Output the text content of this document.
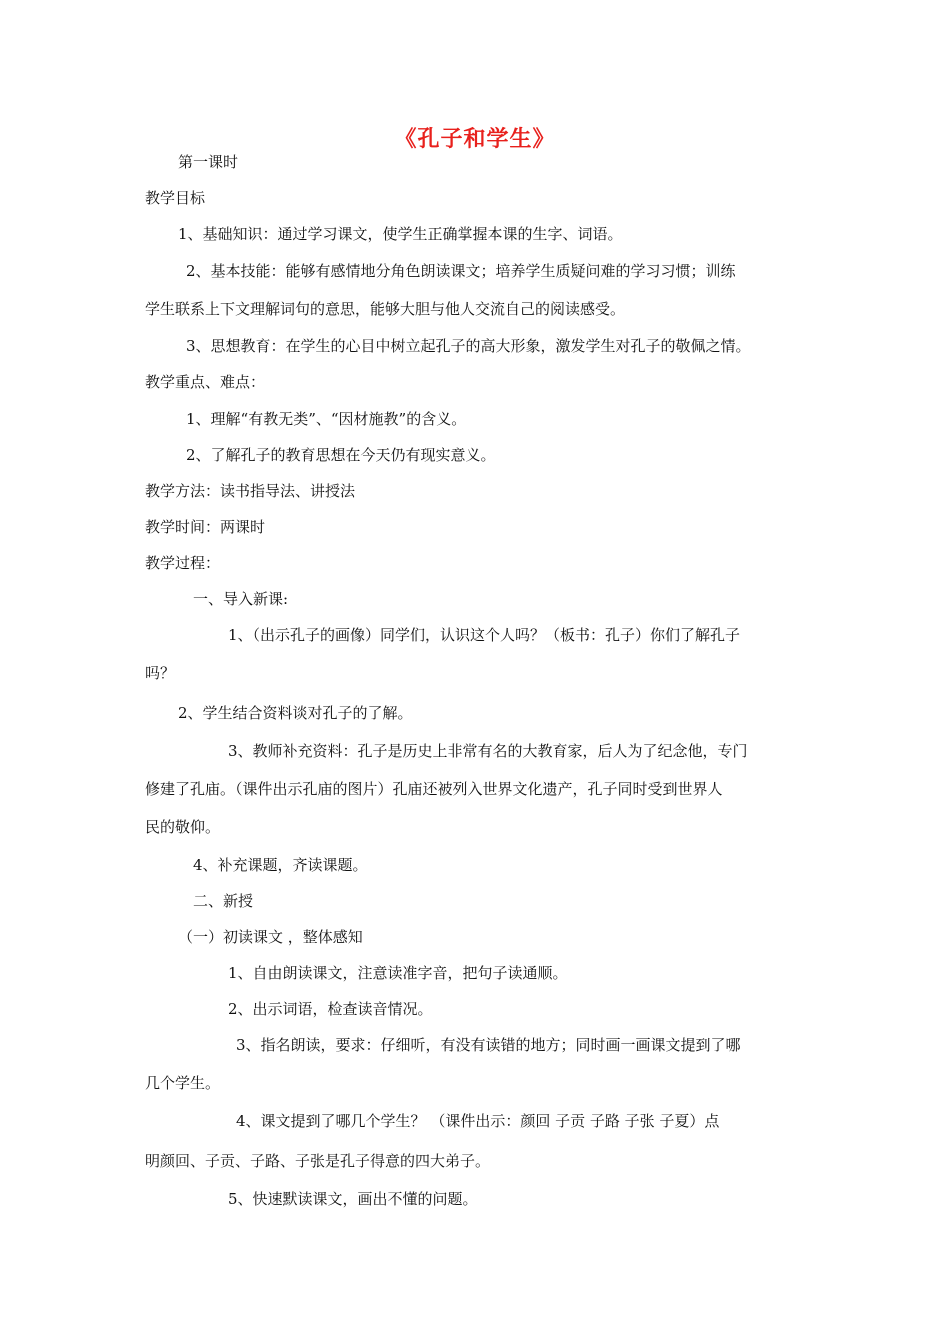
《孔子和学生》
第一课时
教学目标
1、基础知识：通过学习课文，使学生正确掌握本课的生字、词语。
2、基本技能：能够有感情地分角色朗读课文；培养学生质疑问难的学习习惯；训练
学生联系上下文理解词句的意思，能够大胆与他人交流自己的阅读感受。
3、思想教育：在学生的心目中树立起孔子的高大形象，激发学生对孔子的敬佩之情。
教学重点、难点：
1、理解“有教无类”、“因材施教”的含义。
2、了解孔子的教育思想在今天仍有现实意义。
教学方法：读书指导法、讲授法
教学时间：两课时
教学过程：
一、导入新课:
1、（出示孔子的画像）同学们，认识这个人吗？（板书：孔子）你们了解孔子
吗？
2、学生结合资料谈对孔子的了解。
3、教师补充资料：孔子是历史上非常有名的大教育家，后人为了纪念他，专门
修建了孔庙。（课件出示孔庙的图片）孔庙还被列入世界文化遗产，孔子同时受到世界人
民的敬仰。
4、补充课题，齐读课题。
二、新授
（一）初读课文 ，整体感知
1、自由朗读课文，注意读准字音，把句子读通顺。
2、出示词语，检查读音情况。
3、指名朗读，要求：仔细听，有没有读错的地方；同时画一画课文提到了哪
几个学生。
4、课文提到了哪几个学生？ （课件出示：颜回 子贡 子路 子张 子夏）点
明颜回、子贡、子路、子张是孔子得意的四大弟子。
5、快速默读课文，画出不懂的问题。
